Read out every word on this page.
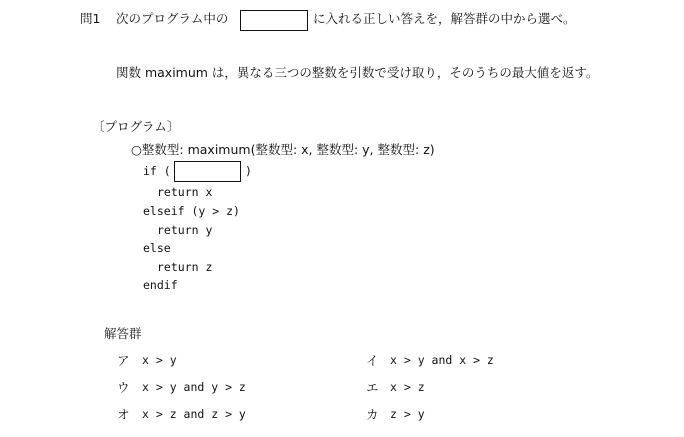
問1 次のプログラム中の	に入れる正しい答えを，解答群の中から選べ。
関数 maximum は，異なる三つの整数を引数で受け取り，そのうちの最大値を返す。
〔プログラム〕
○整数型: maximum(整数型: x, 整数型: y, 整数型: z)
if (	)
return x
elseif (y > z)
return y
else
return z
endif
解答群
ア x > y	イ x > y and x > z
ウ x > y and y > z	エ x > z
オ x > z and z > y	カ z > y
